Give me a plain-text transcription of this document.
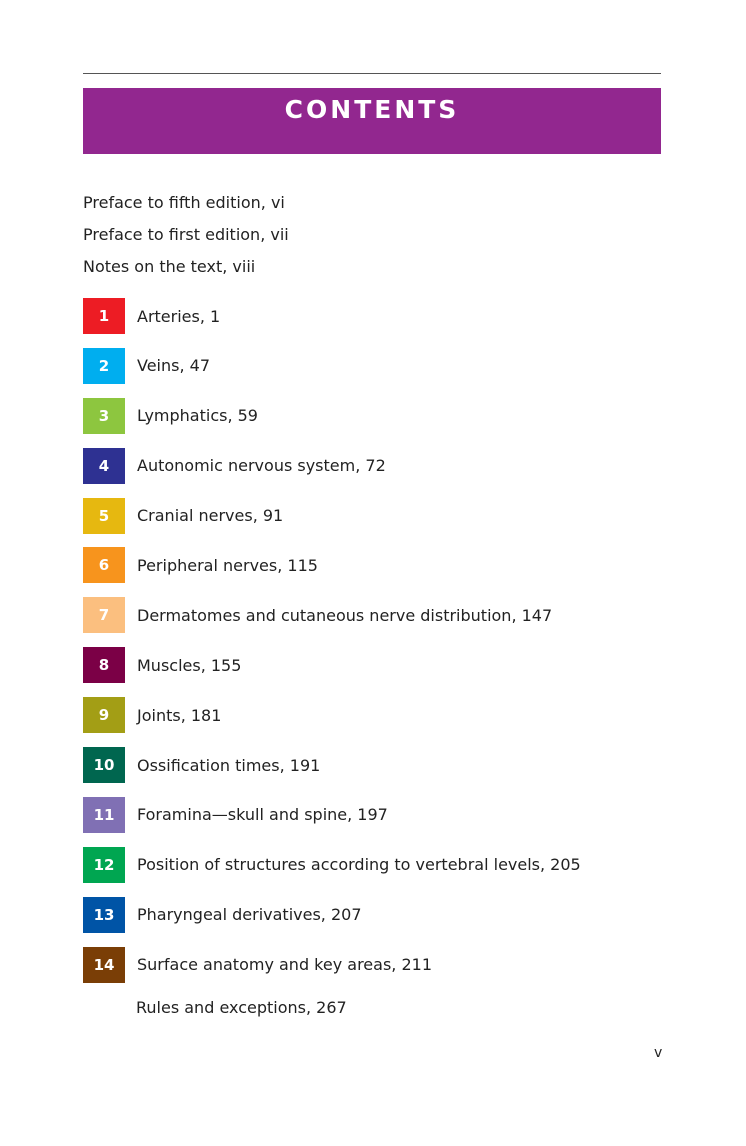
CONTENTS
Preface to fifth edition, vi
Preface to first edition, vii
Notes on the text, viii
1	Arteries, 1
2	Veins, 47
3	Lymphatics, 59
4	Autonomic nervous system, 72
5	Cranial nerves, 91
6	Peripheral nerves, 115
7	Dermatomes and cutaneous nerve distribution, 147
8	Muscles, 155
9	Joints, 181
10	Ossification times, 191
11	Foramina—skull and spine, 197
12	Position of structures according to vertebral levels, 205
13	Pharyngeal derivatives, 207
14	Surface anatomy and key areas, 211
Rules and exceptions, 267
v
